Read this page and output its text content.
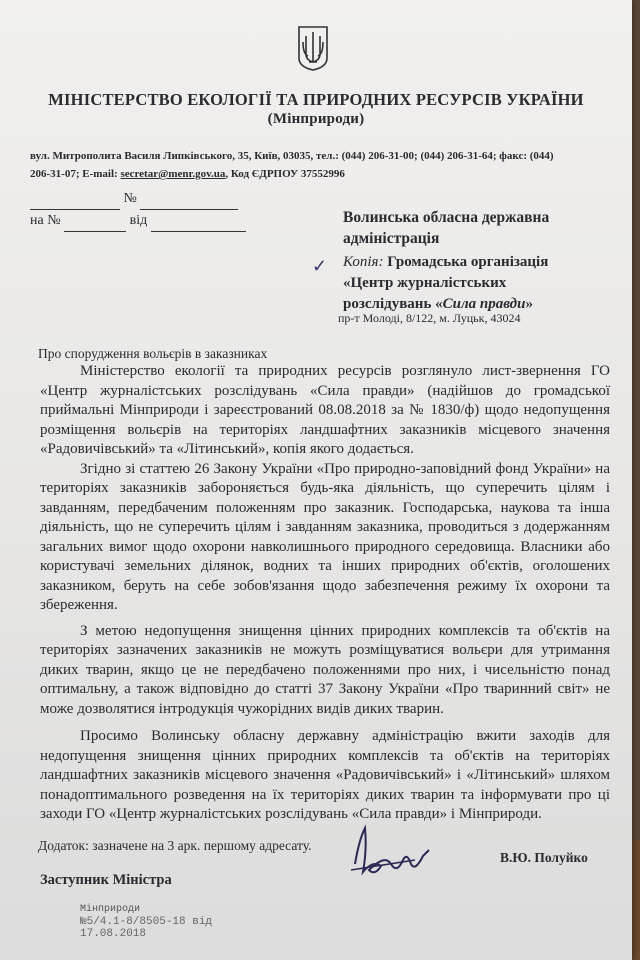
МІНІСТЕРСТВО ЕКОЛОГІЇ ТА ПРИРОДНИХ РЕСУРСІВ УКРАЇНИ
(Мінприроди)
вул. Митрополита Василя Липківського, 35, Київ, 03035, тел.: (044) 206-31-00; (044) 206-31-64; факс: (044)
206-31-07; E-mail: secretar@menr.gov.ua, Код ЄДРПОУ 37552996
№
на №	від	Волинська обласна державна
адміністрація
✓ Копія: Громадська організація
«Центр журналістських
розслідувань «Сила правди»
пр-т Молоді, 8/122, м. Луцьк, 43024
Про спорудження вольєрів в заказниках

Міністерство екології та природних ресурсів розглянуло лист-звернення ГО «Центр журналістських розслідувань «Сила правди» (надійшов до громадської приймальні Мінприроди і зареєстрований 08.08.2018 за № 1830/ф) щодо недопущення розміщення вольєрів на територіях ландшафтних заказників місцевого значення «Радовичівський» та «Літинський», копія якого додається.

Згідно зі статтею 26 Закону України «Про природно-заповідний фонд України» на територіях заказників забороняється будь-яка діяльність, що суперечить цілям і завданням, передбаченим положенням про заказник. Господарська, наукова та інша діяльність, що не суперечить цілям і завданням заказника, проводиться з додержанням загальних вимог щодо охорони навколишнього природного середовища. Власники або користувачі земельних ділянок, водних та інших природних об'єктів, оголошених заказником, беруть на себе зобов'язання щодо забезпечення режиму їх охорони та збереження.

З метою недопущення знищення цінних природних комплексів та об'єктів на територіях зазначених заказників не можуть розміщуватися вольєри для утримання диких тварин, якщо це не передбачено положеннями про них, і чисельністю понад оптимальну, а також відповідно до статті 37 Закону України «Про тваринний світ» не може дозволятися інтродукція чужорідних видів диких тварин.

Просимо Волинську обласну державну адміністрацію вжити заходів для недопущення знищення цінних природних комплексів та об'єктів на територіях ландшафтних заказників місцевого значення «Радовичівський» і «Літинський» шляхом понадоптимального розведення на їх територіях диких тварин та інформувати про ці заходи ГО «Центр журналістських розслідувань «Сила правди» і Мінприроди.

Додаток: зазначене на 3 арк. першому адресату.
В.Ю. Полуйко
Заступник Міністра
Мінприроди
№5/4.1-8/8505-18 від 17.08.2018
